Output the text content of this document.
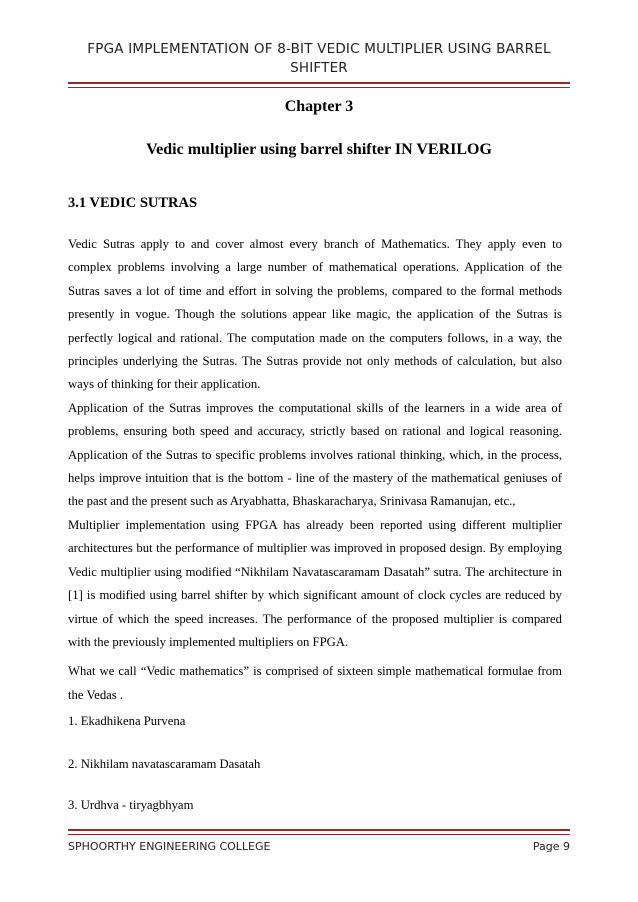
FPGA IMPLEMENTATION OF 8-BIT VEDIC MULTIPLIER USING BARREL SHIFTER
Chapter 3
Vedic multiplier using barrel shifter IN VERILOG
3.1 VEDIC SUTRAS

Vedic Sutras apply to and cover almost every branch of Mathematics. They apply even to complex problems involving a large number of mathematical operations. Application of the Sutras saves a lot of time and effort in solving the problems, compared to the formal methods presently in vogue. Though the solutions appear like magic, the application of the Sutras is perfectly logical and rational. The computation made on the computers follows, in a way, the principles underlying the Sutras. The Sutras provide not only methods of calculation, but also ways of thinking for their application.

Application of the Sutras improves the computational skills of the learners in a wide area of problems, ensuring both speed and accuracy, strictly based on rational and logical reasoning. Application of the Sutras to specific problems involves rational thinking, which, in the process, helps improve intuition that is the bottom - line of the mastery of the mathematical geniuses of the past and the present such as Aryabhatta, Bhaskaracharya, Srinivasa Ramanujan, etc.,

Multiplier implementation using FPGA has already been reported using different multiplier architectures but the performance of multiplier was improved in proposed design. By employing Vedic multiplier using modified “Nikhilam Navatascaramam Dasatah” sutra. The architecture in [1] is modified using barrel shifter by which significant amount of clock cycles are reduced by virtue of which the speed increases. The performance of the proposed multiplier is compared with the previously implemented multipliers on FPGA.

What we call “Vedic mathematics” is comprised of sixteen simple mathematical formulae from the Vedas .

1. Ekadhikena Purvena
2. Nikhilam navatascaramam Dasatah
3. Urdhva - tiryagbhyam
SPHOORTHY ENGINEERING COLLEGE	Page 9
